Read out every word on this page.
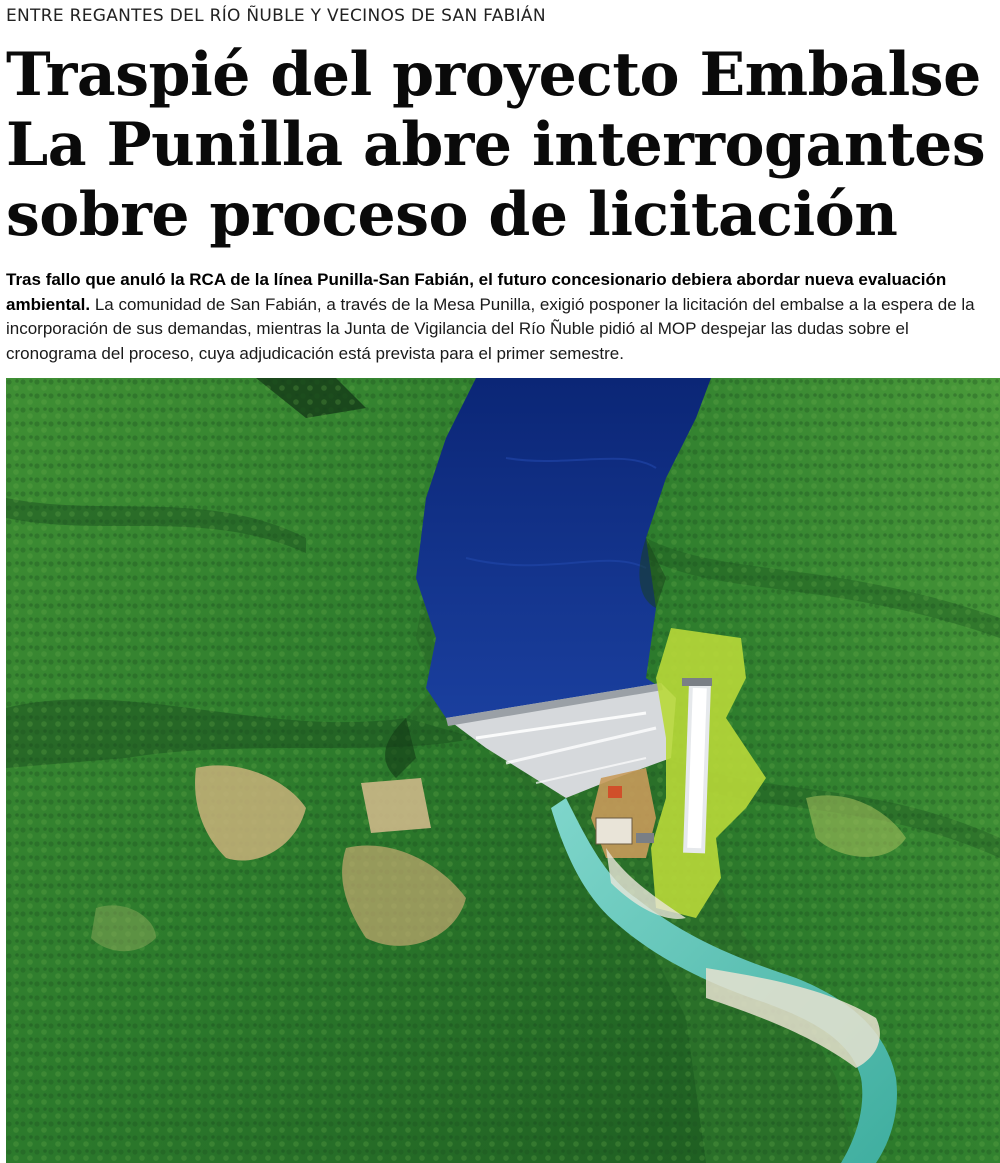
ENTRE REGANTES DEL RÍO ÑUBLE Y VECINOS DE SAN FABIÁN
Traspié del proyecto Embalse
La Punilla abre interrogantes
sobre proceso de licitación

Tras fallo que anuló la RCA de la línea Punilla-San Fabián, el futuro concesionario debiera abordar nueva evaluación ambiental. La comunidad de San Fabián, a través de la Mesa Punilla, exigió posponer la licitación del embalse a la espera de la incorporación de sus demandas, mientras la Junta de Vigilancia del Río Ñuble pidió al MOP despejar las dudas sobre el cronograma del proceso, cuya adjudicación está prevista para el primer semestre.
